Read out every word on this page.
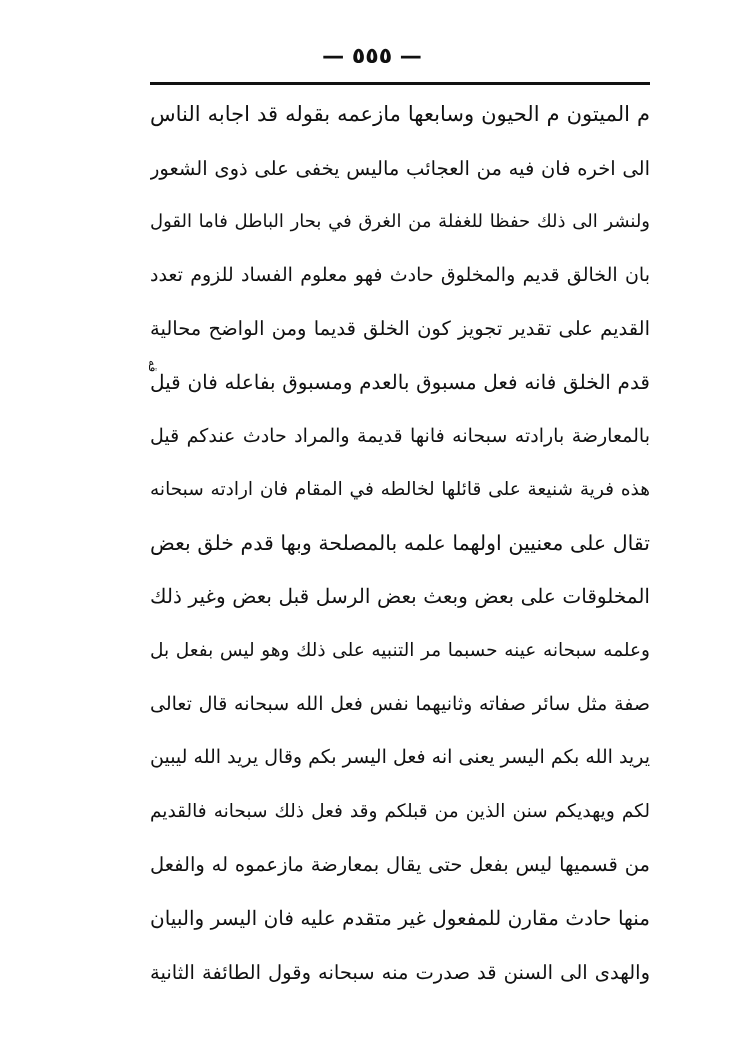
— ٥٥٥ —
قه
م الميتون م الحيون وسابعها مازعمه بقوله قد اجابه الناس
الى اخره فان فيه من العجائب ماليس يخفى على ذوى الشعور
ولنشر الى ذلك حفظا للغفلة من الغرق في بحار الباطل فاما القول
بان الخالق قديم والمخلوق حادث فهو معلوم الفساد للزوم تعدد
القديم على تقدير تجويز كون الخلق قديما ومن الواضح محالية
قدم الخلق فانه فعل مسبوق بالعدم ومسبوق بفاعله فان قيل
بالمعارضة بارادته سبحانه فانها قديمة والمراد حادث عندكم قيل
هذه فرية شنيعة على قائلها لخالطه في المقام فان ارادته سبحانه
تقال على معنيين اولهما علمه بالمصلحة وبها قدم خلق بعض
المخلوقات على بعض وبعث بعض الرسل قبل بعض وغير ذلك
وعلمه سبحانه عينه حسبما مر التنبيه على ذلك وهو ليس بفعل بل
صفة مثل سائر صفاته وثانيهما نفس فعل الله سبحانه قال تعالى
يريد الله بكم اليسر يعنى انه فعل اليسر بكم وقال يريد الله ليبين
لكم ويهديكم سنن الذين من قبلكم وقد فعل ذلك سبحانه فالقديم
من قسميها ليس بفعل حتى يقال بمعارضة مازعموه له والفعل
منها حادث مقارن للمفعول غير متقدم عليه فان اليسر والبيان
والهدى الى السنن قد صدرت منه سبحانه وقول الطائفة الثانية
